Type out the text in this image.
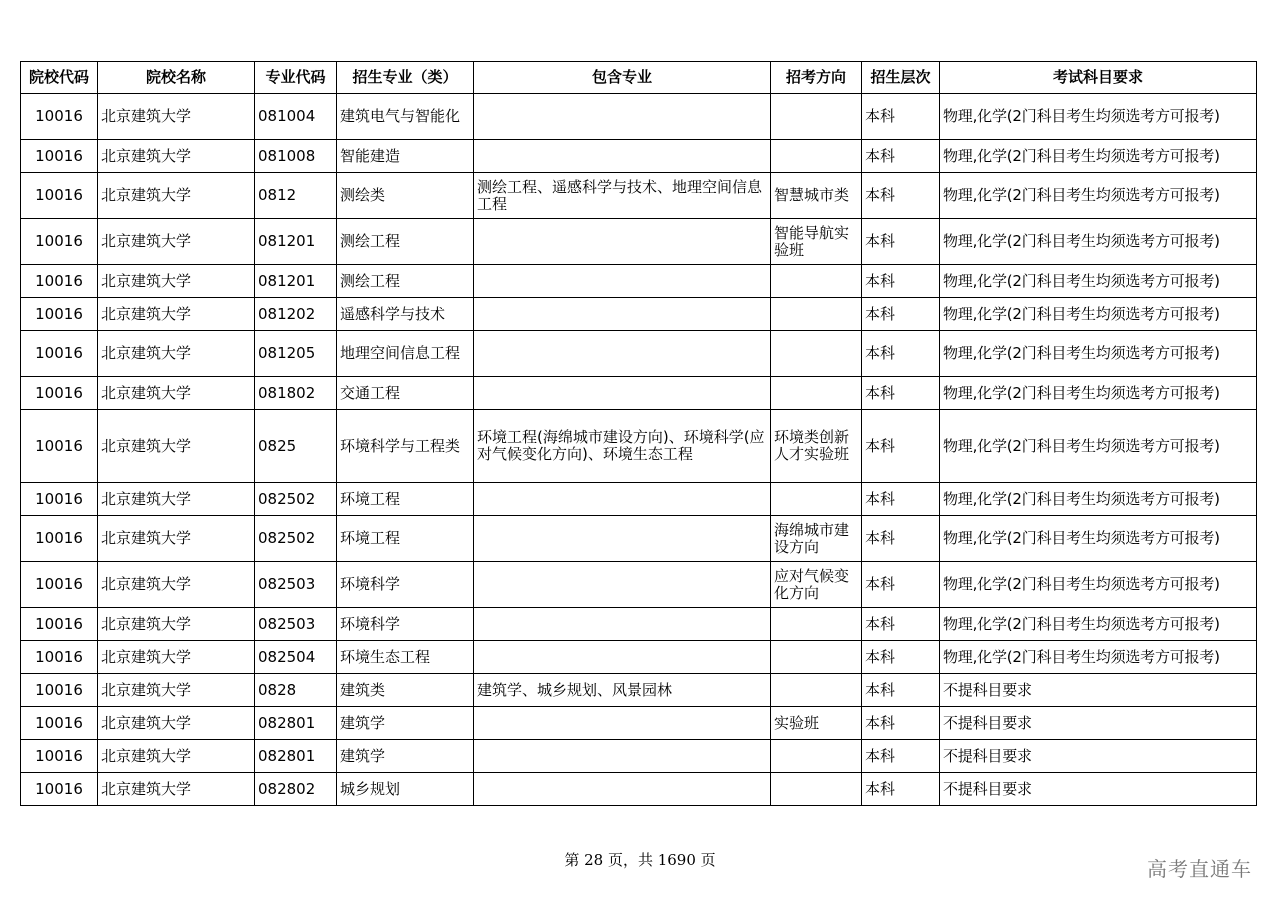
院校代码	院校名称	专业代码	招生专业（类）	包含专业	招考方向	招生层次	考试科目要求
10016	北京建筑大学	081004	建筑电气与智能化			本科	物理,化学(2门科目考生均须选考方可报考)
10016	北京建筑大学	081008	智能建造			本科	物理,化学(2门科目考生均须选考方可报考)
10016	北京建筑大学	0812	测绘类	测绘工程、遥感科学与技术、地理空间信息工程	智慧城市类	本科	物理,化学(2门科目考生均须选考方可报考)
10016	北京建筑大学	081201	测绘工程		智能导航实验班	本科	物理,化学(2门科目考生均须选考方可报考)
10016	北京建筑大学	081201	测绘工程			本科	物理,化学(2门科目考生均须选考方可报考)
10016	北京建筑大学	081202	遥感科学与技术			本科	物理,化学(2门科目考生均须选考方可报考)
10016	北京建筑大学	081205	地理空间信息工程			本科	物理,化学(2门科目考生均须选考方可报考)
10016	北京建筑大学	081802	交通工程			本科	物理,化学(2门科目考生均须选考方可报考)
10016	北京建筑大学	0825	环境科学与工程类	环境工程(海绵城市建设方向)、环境科学(应对气候变化方向)、环境生态工程	环境类创新人才实验班	本科	物理,化学(2门科目考生均须选考方可报考)
10016	北京建筑大学	082502	环境工程			本科	物理,化学(2门科目考生均须选考方可报考)
10016	北京建筑大学	082502	环境工程		海绵城市建设方向	本科	物理,化学(2门科目考生均须选考方可报考)
10016	北京建筑大学	082503	环境科学		应对气候变化方向	本科	物理,化学(2门科目考生均须选考方可报考)
10016	北京建筑大学	082503	环境科学			本科	物理,化学(2门科目考生均须选考方可报考)
10016	北京建筑大学	082504	环境生态工程			本科	物理,化学(2门科目考生均须选考方可报考)
10016	北京建筑大学	0828	建筑类	建筑学、城乡规划、风景园林		本科	不提科目要求
10016	北京建筑大学	082801	建筑学		实验班	本科	不提科目要求
10016	北京建筑大学	082801	建筑学			本科	不提科目要求
10016	北京建筑大学	082802	城乡规划			本科	不提科目要求
第 28 页，共 1690 页	高考直通车
